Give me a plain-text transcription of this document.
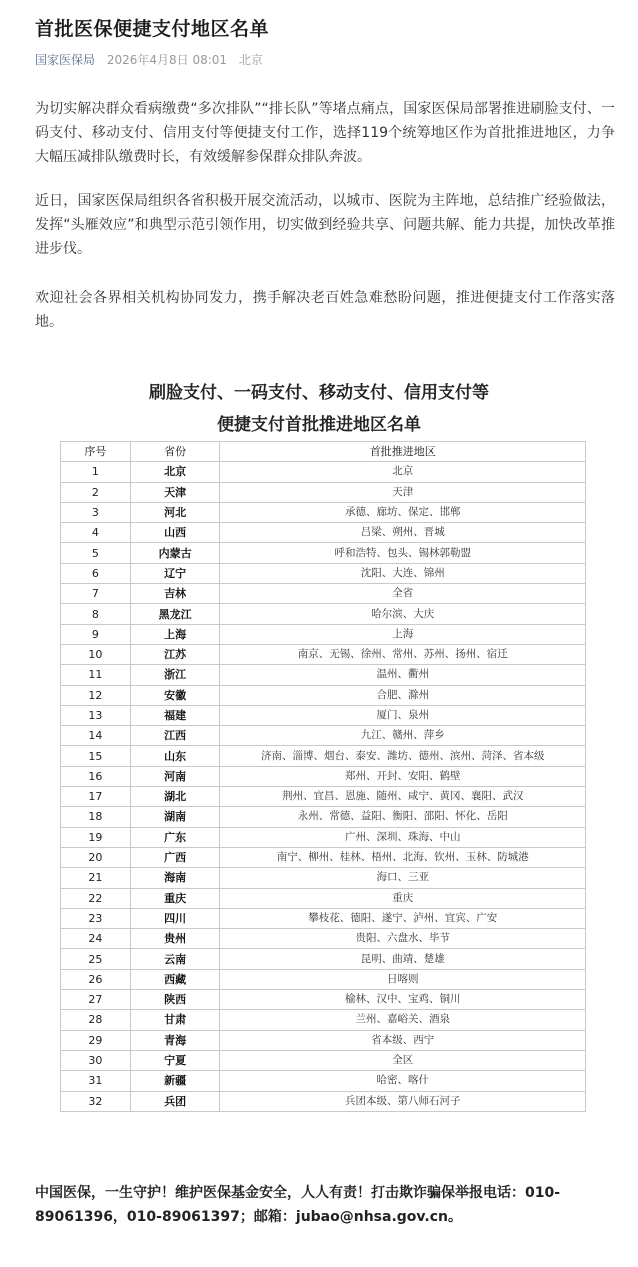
首批医保便捷支付地区名单
国家医保局 2026年4月8日 08:01 北京

为切实解决群众看病缴费“多次排队”“排长队”等堵点痛点，国家医保局部署推进刷脸支付、一码支付、移动支付、信用支付等便捷支付工作，选择119个统筹地区作为首批推进地区，力争大幅压减排队缴费时长，有效缓解参保群众排队奔波。

近日，国家医保局组织各省积极开展交流活动，以城市、医院为主阵地，总结推广经验做法，发挥“头雁效应”和典型示范引领作用，切实做到经验共享、问题共解、能力共提，加快改革推进步伐。

欢迎社会各界相关机构协同发力，携手解决老百姓急难愁盼问题，推进便捷支付工作落实落地。

刷脸支付、一码支付、移动支付、信用支付等
便捷支付首批推进地区名单
序号	省份	首批推进地区
1	北京	北京
2	天津	天津
3	河北	承德、廊坊、保定、邯郸
4	山西	吕梁、朔州、晋城
5	内蒙古	呼和浩特、包头、锡林郭勒盟
6	辽宁	沈阳、大连、锦州
7	吉林	全省
8	黑龙江	哈尔滨、大庆
9	上海	上海
10	江苏	南京、无锡、徐州、常州、苏州、扬州、宿迁
11	浙江	温州、衢州
12	安徽	合肥、滁州
13	福建	厦门、泉州
14	江西	九江、赣州、萍乡
15	山东	济南、淄博、烟台、泰安、潍坊、德州、滨州、菏泽、省本级
16	河南	郑州、开封、安阳、鹤壁
17	湖北	荆州、宜昌、恩施、随州、咸宁、黄冈、襄阳、武汉
18	湖南	永州、常德、益阳、衡阳、邵阳、怀化、岳阳
19	广东	广州、深圳、珠海、中山
20	广西	南宁、柳州、桂林、梧州、北海、钦州、玉林、防城港
21	海南	海口、三亚
22	重庆	重庆
23	四川	攀枝花、德阳、遂宁、泸州、宜宾、广安
24	贵州	贵阳、六盘水、毕节
25	云南	昆明、曲靖、楚雄
26	西藏	日喀则
27	陕西	榆林、汉中、宝鸡、铜川
28	甘肃	兰州、嘉峪关、酒泉
29	青海	省本级、西宁
30	宁夏	全区
31	新疆	哈密、喀什
32	兵团	兵团本级、第八师石河子

中国医保，一生守护！维护医保基金安全，人人有责！打击欺诈骗保举报电话：010-89061396，010-89061397；邮箱：jubao@nhsa.gov.cn。
